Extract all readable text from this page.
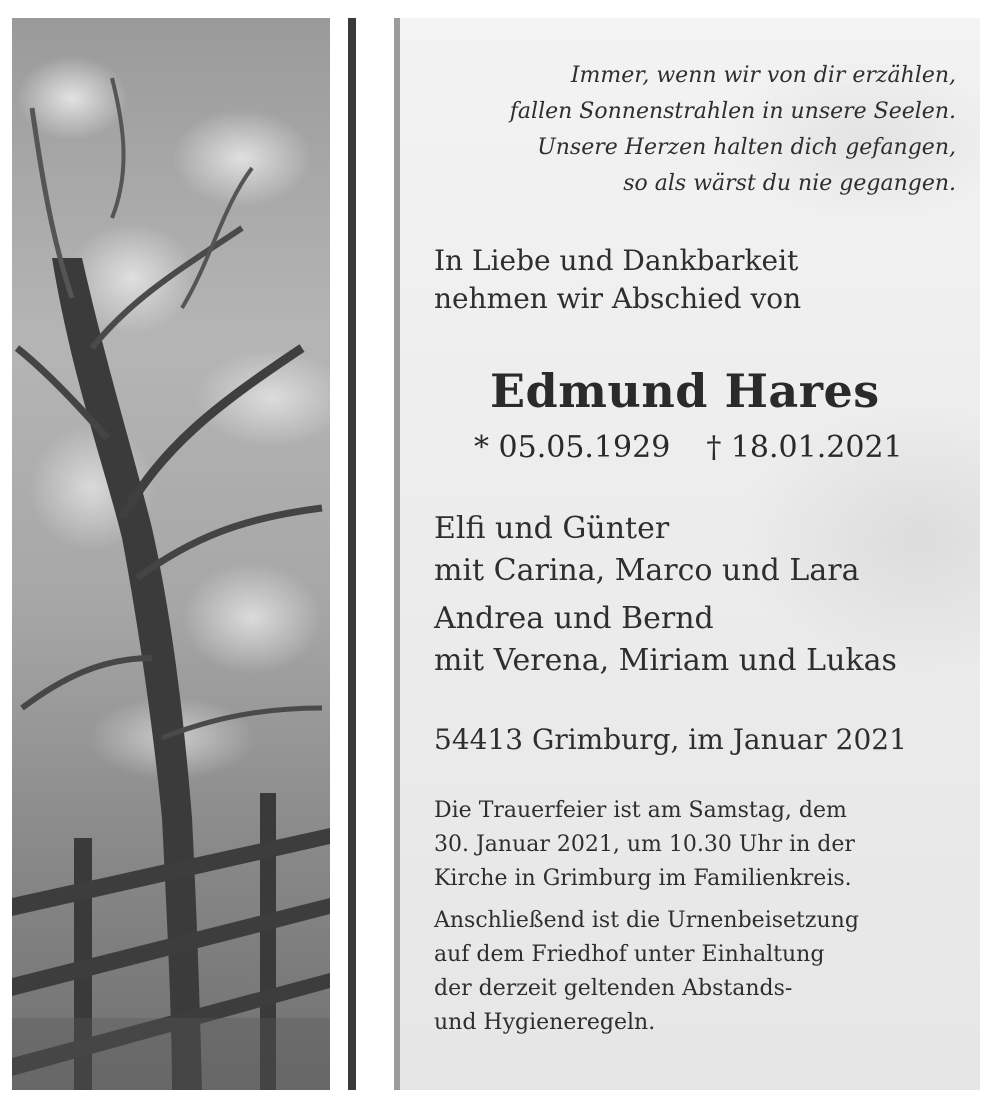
Immer, wenn wir von dir erzählen,
fallen Sonnenstrahlen in unsere Seelen.
Unsere Herzen halten dich gefangen,
so als wärst du nie gegangen.
In Liebe und Dankbarkeit
nehmen wir Abschied von
Edmund Hares
* 05.05.1929 † 18.01.2021
Elfi und Günter
mit Carina, Marco und Lara
Andrea und Bernd
mit Verena, Miriam und Lukas
54413 Grimburg, im Januar 2021
Die Trauerfeier ist am Samstag, dem
30. Januar 2021, um 10.30 Uhr in der
Kirche in Grimburg im Familienkreis.
Anschließend ist die Urnenbeisetzung
auf dem Friedhof unter Einhaltung
der derzeit geltenden Abstands-
und Hygieneregeln.
